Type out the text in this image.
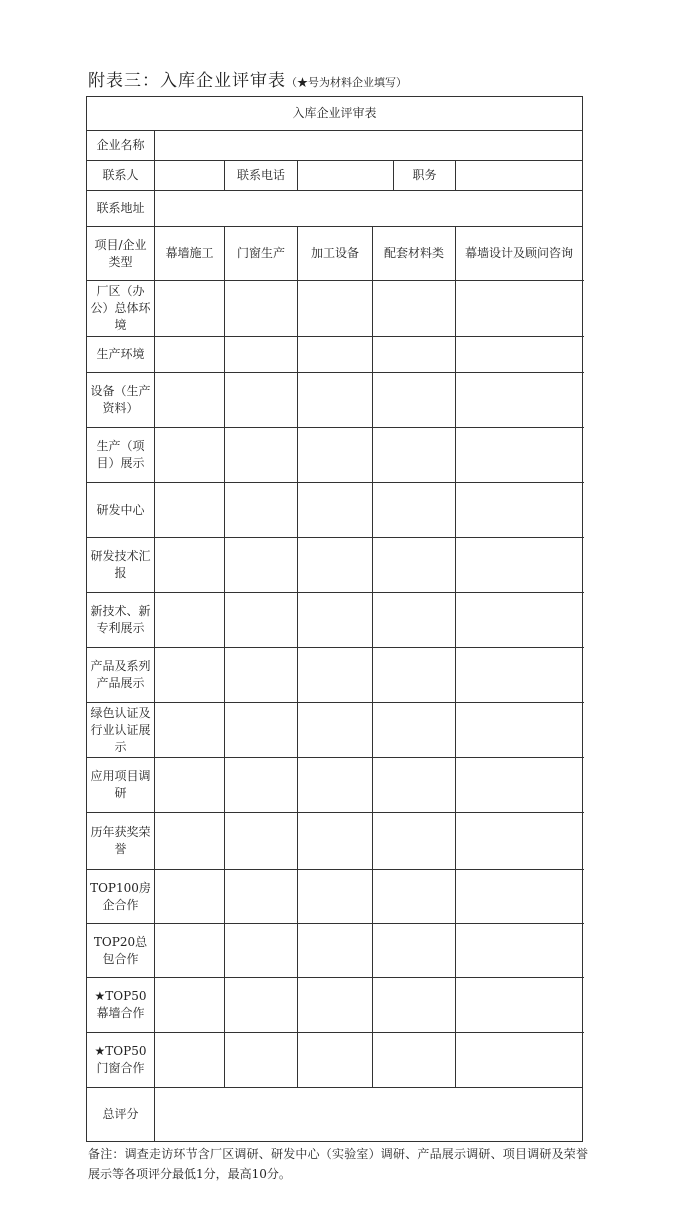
附表三：入库企业评审表（★号为材料企业填写）
入库企业评审表						
企业名称						
联系人		联系电话			职务	
联系地址						
项目/企业类型	幕墙施工	门窗生产	加工设备	配套材料类		幕墙设计及顾问咨询
厂区（办公）总体环境						
生产环境						
设备（生产资料）						
生产（项目）展示						
研发中心						
研发技术汇报						
新技术、新专利展示						
产品及系列产品展示						
绿色认证及行业认证展示						
应用项目调研						
历年获奖荣誉						
TOP100房企合作						
TOP20总包合作						
★TOP50幕墙合作						
★TOP50门窗合作						
总评分						
备注：调查走访环节含厂区调研、研发中心（实验室）调研、产品展示调研、项目调研及荣誉展示等各项评分最低1分，最高10分。
